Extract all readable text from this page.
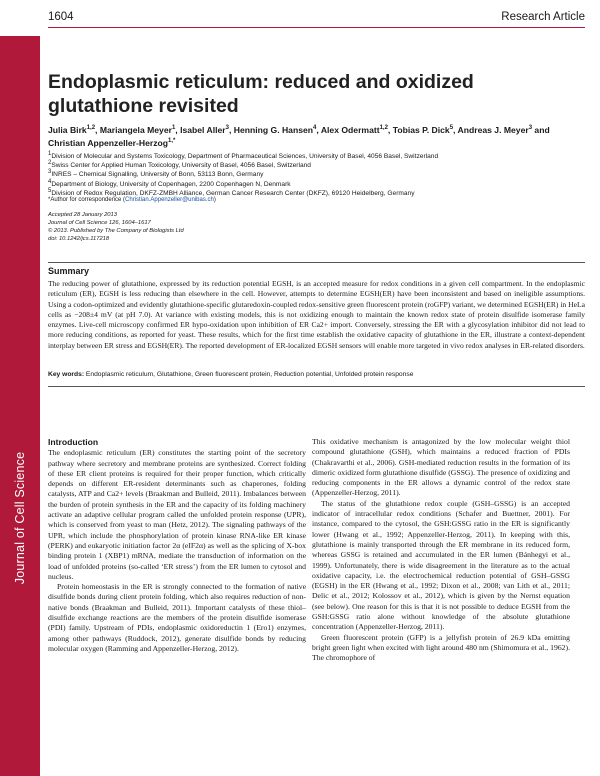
Journal of Cell Science
1604	Research Article
Endoplasmic reticulum: reduced and oxidized glutathione revisited
Julia Birk$^{1,2}$, Mariangela Meyer$^1$, Isabel Aller$^3$, Henning G. Hansen$^4$, Alex Odermatt$^{1,2}$, Tobias P. Dick$^5$, Andreas J. Meyer$^3$ and Christian Appenzeller-Herzog$^{1,*}$
$^1$Division of Molecular and Systems Toxicology, Department of Pharmaceutical Sciences, University of Basel, 4056 Basel, Switzerland
$^2$Swiss Center for Applied Human Toxicology, University of Basel, 4056 Basel, Switzerland
$^3$INRES – Chemical Signalling, University of Bonn, 53113 Bonn, Germany
$^4$Department of Biology, University of Copenhagen, 2200 Copenhagen N, Denmark
$^5$Division of Redox Regulation, DKFZ-ZMBH Alliance, German Cancer Research Center (DKFZ), 69120 Heidelberg, Germany
*Author for correspondence (Christian.Appenzeller@unibas.ch)
Accepted 28 January 2013
Journal of Cell Science 126, 1604–1617
© 2013. Published by The Company of Biologists Ltd
doi: 10.1242/jcs.117218
Summary
The reducing power of glutathione, expressed by its reduction potential EGSH, is an accepted measure for redox conditions in a given cell compartment. In the endoplasmic reticulum (ER), EGSH is less reducing than elsewhere in the cell. However, attempts to determine EGSH(ER) have been inconsistent and based on ineligible assumptions. Using a codon-optimized and evidently glutathione-specific glutaredoxin-coupled redox-sensitive green fluorescent protein (roGFP) variant, we determined EGSH(ER) in HeLa cells as −208±4 mV (at pH 7.0). At variance with existing models, this is not oxidizing enough to maintain the known redox state of protein disulfide isomerase family enzymes. Live-cell microscopy confirmed ER hypo-oxidation upon inhibition of ER Ca2+ import. Conversely, stressing the ER with a glycosylation inhibitor did not lead to more reducing conditions, as reported for yeast. These results, which for the first time establish the oxidative capacity of glutathione in the ER, illustrate a context-dependent interplay between ER stress and EGSH(ER). The reported development of ER-localized EGSH sensors will enable more targeted in vivo redox analyses in ER-related disorders.
Key words: Endoplasmic reticulum, Glutathione, Green fluorescent protein, Reduction potential, Unfolded protein response
Introduction

The endoplasmic reticulum (ER) constitutes the starting point of the secretory pathway where secretory and membrane proteins are synthesized. Correct folding of these ER client proteins is required for their proper function, which critically depends on different ER-resident determinants such as chaperones, folding catalysts, ATP and Ca2+ levels (Braakman and Bulleid, 2011). Imbalances between the burden of protein synthesis in the ER and the capacity of its folding machinery activate an adaptive cellular program called the unfolded protein response (UPR), which is conserved from yeast to man (Hetz, 2012). The signaling pathways of the UPR, which include the phosphorylation of protein kinase RNA-like ER kinase (PERK) and eukaryotic initiation factor 2α (eIF2α) as well as the splicing of X-box binding protein 1 (XBP1) mRNA, mediate the transduction of information on the load of unfolded proteins (so-called ‘ER stress’) from the ER lumen to cytosol and nucleus.

Protein homeostasis in the ER is strongly connected to the formation of native disulfide bonds during client protein folding, which also requires reduction of non-native bonds (Braakman and Bulleid, 2011). Important catalysts of these thiol–disulfide exchange reactions are the members of the protein disulfide isomerase (PDI) family. Upstream of PDIs, endoplasmic oxidoreductin 1 (Ero1) enzymes, among other pathways (Ruddock, 2012), generate disulfide bonds by reducing molecular oxygen (Ramming and Appenzeller-Herzog, 2012).

This oxidative mechanism is antagonized by the low molecular weight thiol compound glutathione (GSH), which maintains a reduced fraction of PDIs (Chakravarthi et al., 2006). GSH-mediated reduction results in the formation of its dimeric oxidized form glutathione disulfide (GSSG). The presence of oxidizing and reducing components in the ER allows a dynamic control of the redox state (Appenzeller-Herzog, 2011).

The status of the glutathione redox couple (GSH–GSSG) is an accepted indicator of intracellular redox conditions (Schafer and Buettner, 2001). For instance, compared to the cytosol, the GSH:GSSG ratio in the ER is significantly lower (Hwang et al., 1992; Appenzeller-Herzog, 2011). In keeping with this, glutathione is mainly transported through the ER membrane in its reduced form, whereas GSSG is retained and accumulated in the ER lumen (Bánhegyi et al., 1999). Unfortunately, there is wide disagreement in the literature as to the actual oxidative capacity, i.e. the electrochemical reduction potential of GSH–GSSG (EGSH) in the ER (Hwang et al., 1992; Dixon et al., 2008; van Lith et al., 2011; Delic et al., 2012; Kolossov et al., 2012), which is given by the Nernst equation (see below). One reason for this is that it is not possible to deduce EGSH from the GSH:GSSG ratio alone without knowledge of the absolute glutathione concentration (Appenzeller-Herzog, 2011).

Green fluorescent protein (GFP) is a jellyfish protein of 26.9 kDa emitting bright green light when excited with light around 480 nm (Shimomura et al., 1962). The chromophore of
